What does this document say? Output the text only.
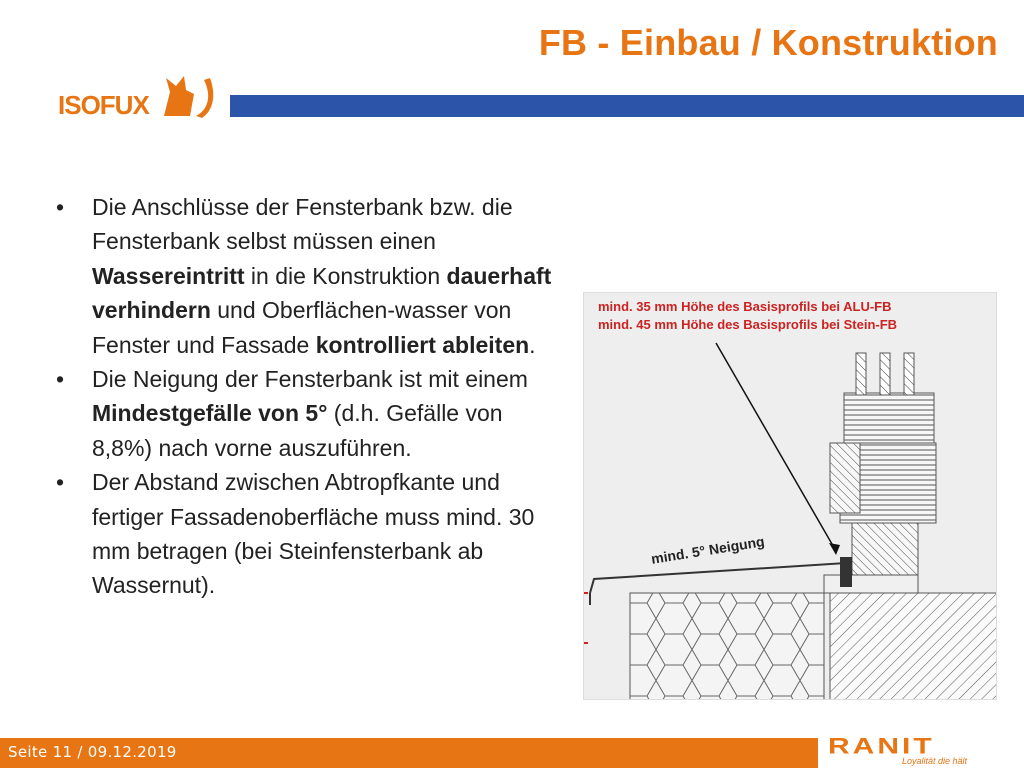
FB - Einbau / Konstruktion
ISOFUX
• Die Anschlüsse der Fensterbank bzw. die Fensterbank selbst müssen einen Wassereintritt in die Konstruktion dauerhaft verhindern und Oberflächen-wasser von Fenster und Fassade kontrolliert ableiten.
• Die Neigung der Fensterbank ist mit einem Mindestgefälle von 5° (d.h. Gefälle von 8,8%) nach vorne auszuführen.
• Der Abstand zwischen Abtropfkante und fertiger Fassadenoberfläche muss mind. 30 mm betragen (bei Steinfensterbank ab Wassernut).
mind. 35 mm Höhe des Basisprofils bei ALU-FB
mind. 45 mm Höhe des Basisprofils bei Stein-FB
mind. 5° Neigung
Seite 11 / 09.12.2019	RANIT
Loyalität die hält
